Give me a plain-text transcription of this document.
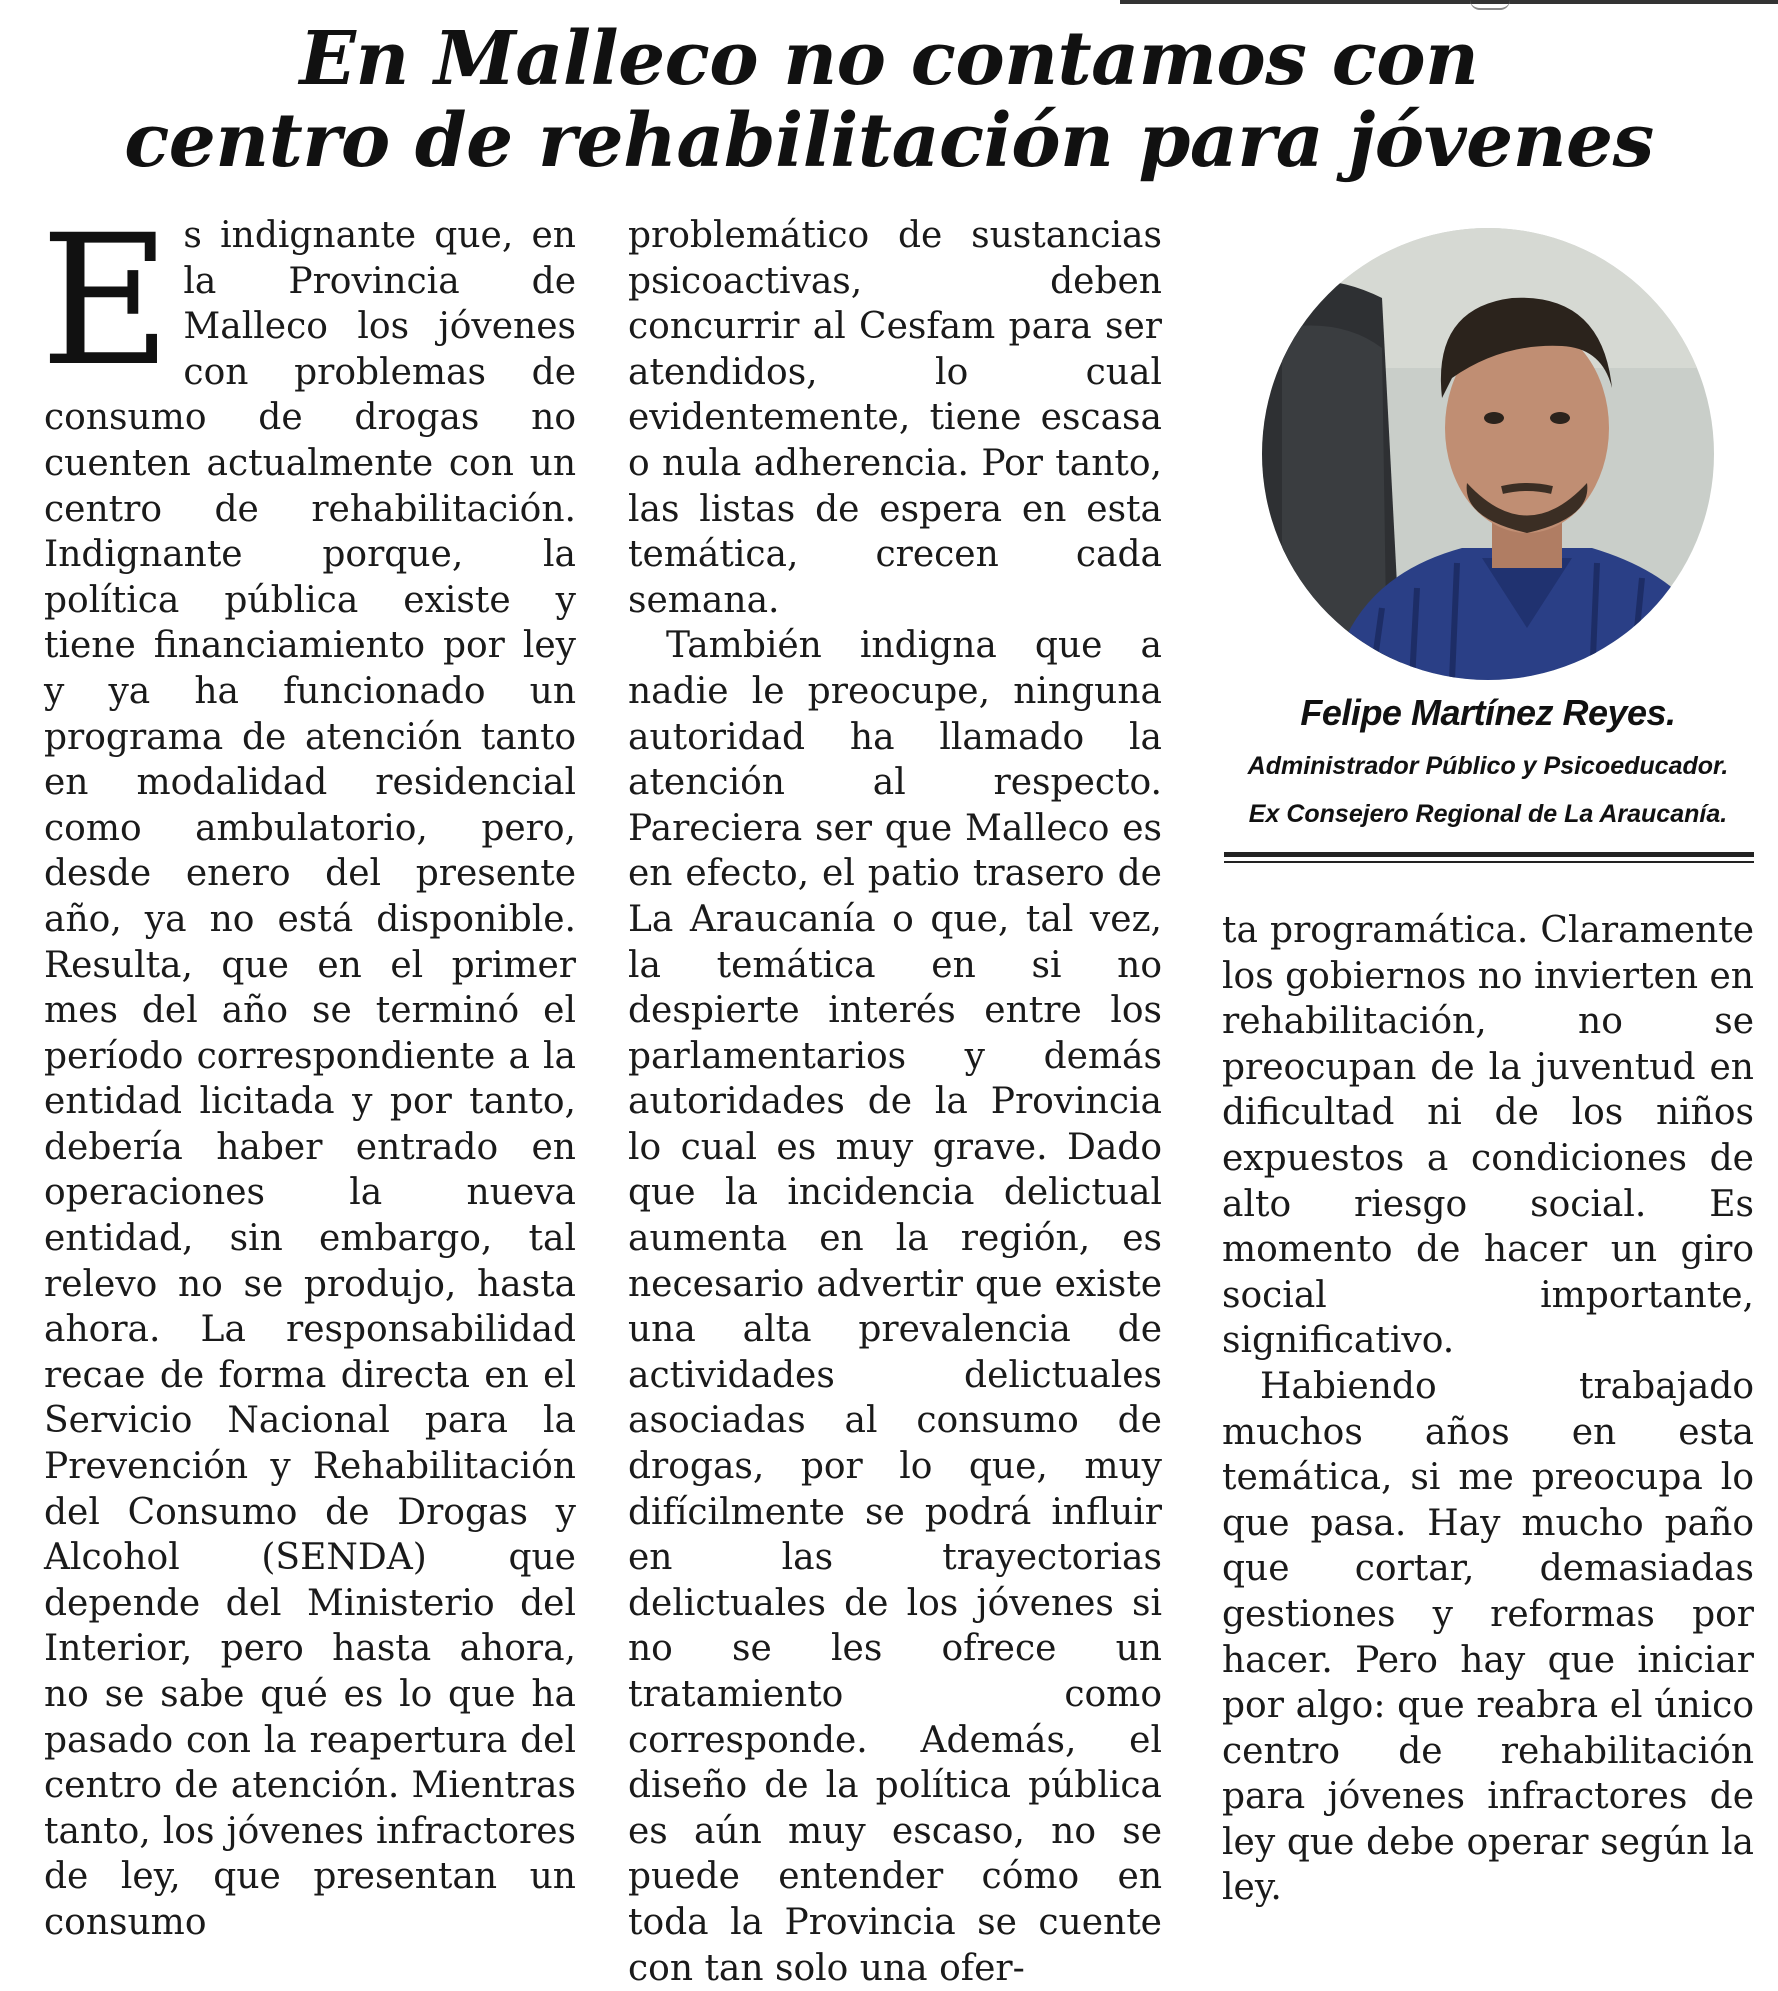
En Malleco no contamos con
centro de rehabilitación para jóvenes

Es indignante que, en la Provincia de Malleco los jóvenes con problemas de consumo de drogas no cuenten actualmente con un centro de rehabilitación. Indignante porque, la política pública existe y tiene financiamiento por ley y ya ha funcionado un programa de atención tanto en modalidad residencial como ambulatorio, pero, desde enero del presente año, ya no está disponible. Resulta, que en el primer mes del año se terminó el período correspondiente a la entidad licitada y por tanto, debería haber entrado en operaciones la nueva entidad, sin embargo, tal relevo no se produjo, hasta ahora. La responsabilidad recae de forma directa en el Servicio Nacional para la Prevención y Rehabilitación del Consumo de Drogas y Alcohol (SENDA) que depende del Ministerio del Interior, pero hasta ahora, no se sabe qué es lo que ha pasado con la reapertura del centro de atención. Mientras tanto, los jóvenes infractores de ley, que presentan un consumo

problemático de sustancias psicoactivas, deben concurrir al Cesfam para ser atendidos, lo cual evidentemente, tiene escasa o nula adherencia. Por tanto, las listas de espera en esta temática, crecen cada semana.

También indigna que a nadie le preocupe, ninguna autoridad ha llamado la atención al respecto. Pareciera ser que Malleco es en efecto, el patio trasero de La Araucanía o que, tal vez, la temática en si no despierte interés entre los parlamentarios y demás autoridades de la Provincia lo cual es muy grave. Dado que la incidencia delictual aumenta en la región, es necesario advertir que existe una alta prevalencia de actividades delictuales asociadas al consumo de drogas, por lo que, muy difícilmente se podrá influir en las trayectorias delictuales de los jóvenes si no se les ofrece un tratamiento como corresponde. Además, el diseño de la política pública es aún muy escaso, no se puede entender cómo en toda la Provincia se cuente con tan solo una ofer-

Felipe Martínez Reyes.
Administrador Público y Psicoeducador.
Ex Consejero Regional de La Araucanía.

ta programática. Claramente los gobiernos no invierten en rehabilitación, no se preocupan de la juventud en dificultad ni de los niños expuestos a condiciones de alto riesgo social. Es momento de hacer un giro social importante, significativo.

Habiendo trabajado muchos años en esta temática, si me preocupa lo que pasa. Hay mucho paño que cortar, demasiadas gestiones y reformas por hacer. Pero hay que iniciar por algo: que reabra el único centro de rehabilitación para jóvenes infractores de ley que debe operar según la ley.
